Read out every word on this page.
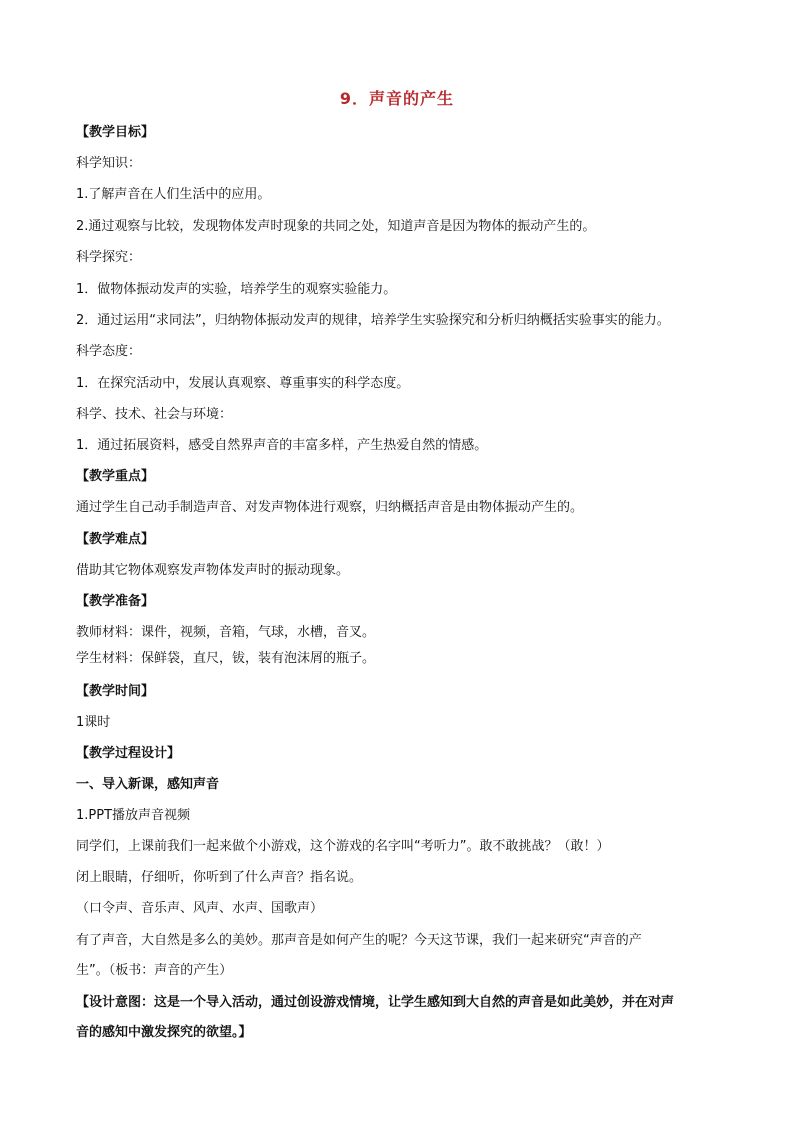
9．声音的产生
【教学目标】
科学知识：
1.了解声音在人们生活中的应用。
2.通过观察与比较，发现物体发声时现象的共同之处，知道声音是因为物体的振动产生的。
科学探究：
1．做物体振动发声的实验，培养学生的观察实验能力。
2．通过运用“求同法”，归纳物体振动发声的规律，培养学生实验探究和分析归纳概括实验事实的能力。
科学态度：
1．在探究活动中，发展认真观察、尊重事实的科学态度。
科学、技术、社会与环境：
1．通过拓展资料，感受自然界声音的丰富多样，产生热爱自然的情感。
【教学重点】
通过学生自己动手制造声音、对发声物体进行观察，归纳概括声音是由物体振动产生的。
【教学难点】
借助其它物体观察发声物体发声时的振动现象。
【教学准备】
教师材料：课件，视频，音箱，气球，水槽，音叉。
学生材料：保鲜袋，直尺，钹，装有泡沫屑的瓶子。
【教学时间】
1课时
【教学过程设计】
一、导入新课，感知声音
1.PPT播放声音视频
同学们，上课前我们一起来做个小游戏，这个游戏的名字叫“考听力”。敢不敢挑战？（敢！）
闭上眼睛，仔细听，你听到了什么声音？指名说。
（口令声、音乐声、风声、水声、国歌声）
有了声音，大自然是多么的美妙。那声音是如何产生的呢？今天这节课，我们一起来研究“声音的产
生”。（板书：声音的产生）
【设计意图：这是一个导入活动，通过创设游戏情境，让学生感知到大自然的声音是如此美妙，并在对声
音的感知中激发探究的欲望。】
